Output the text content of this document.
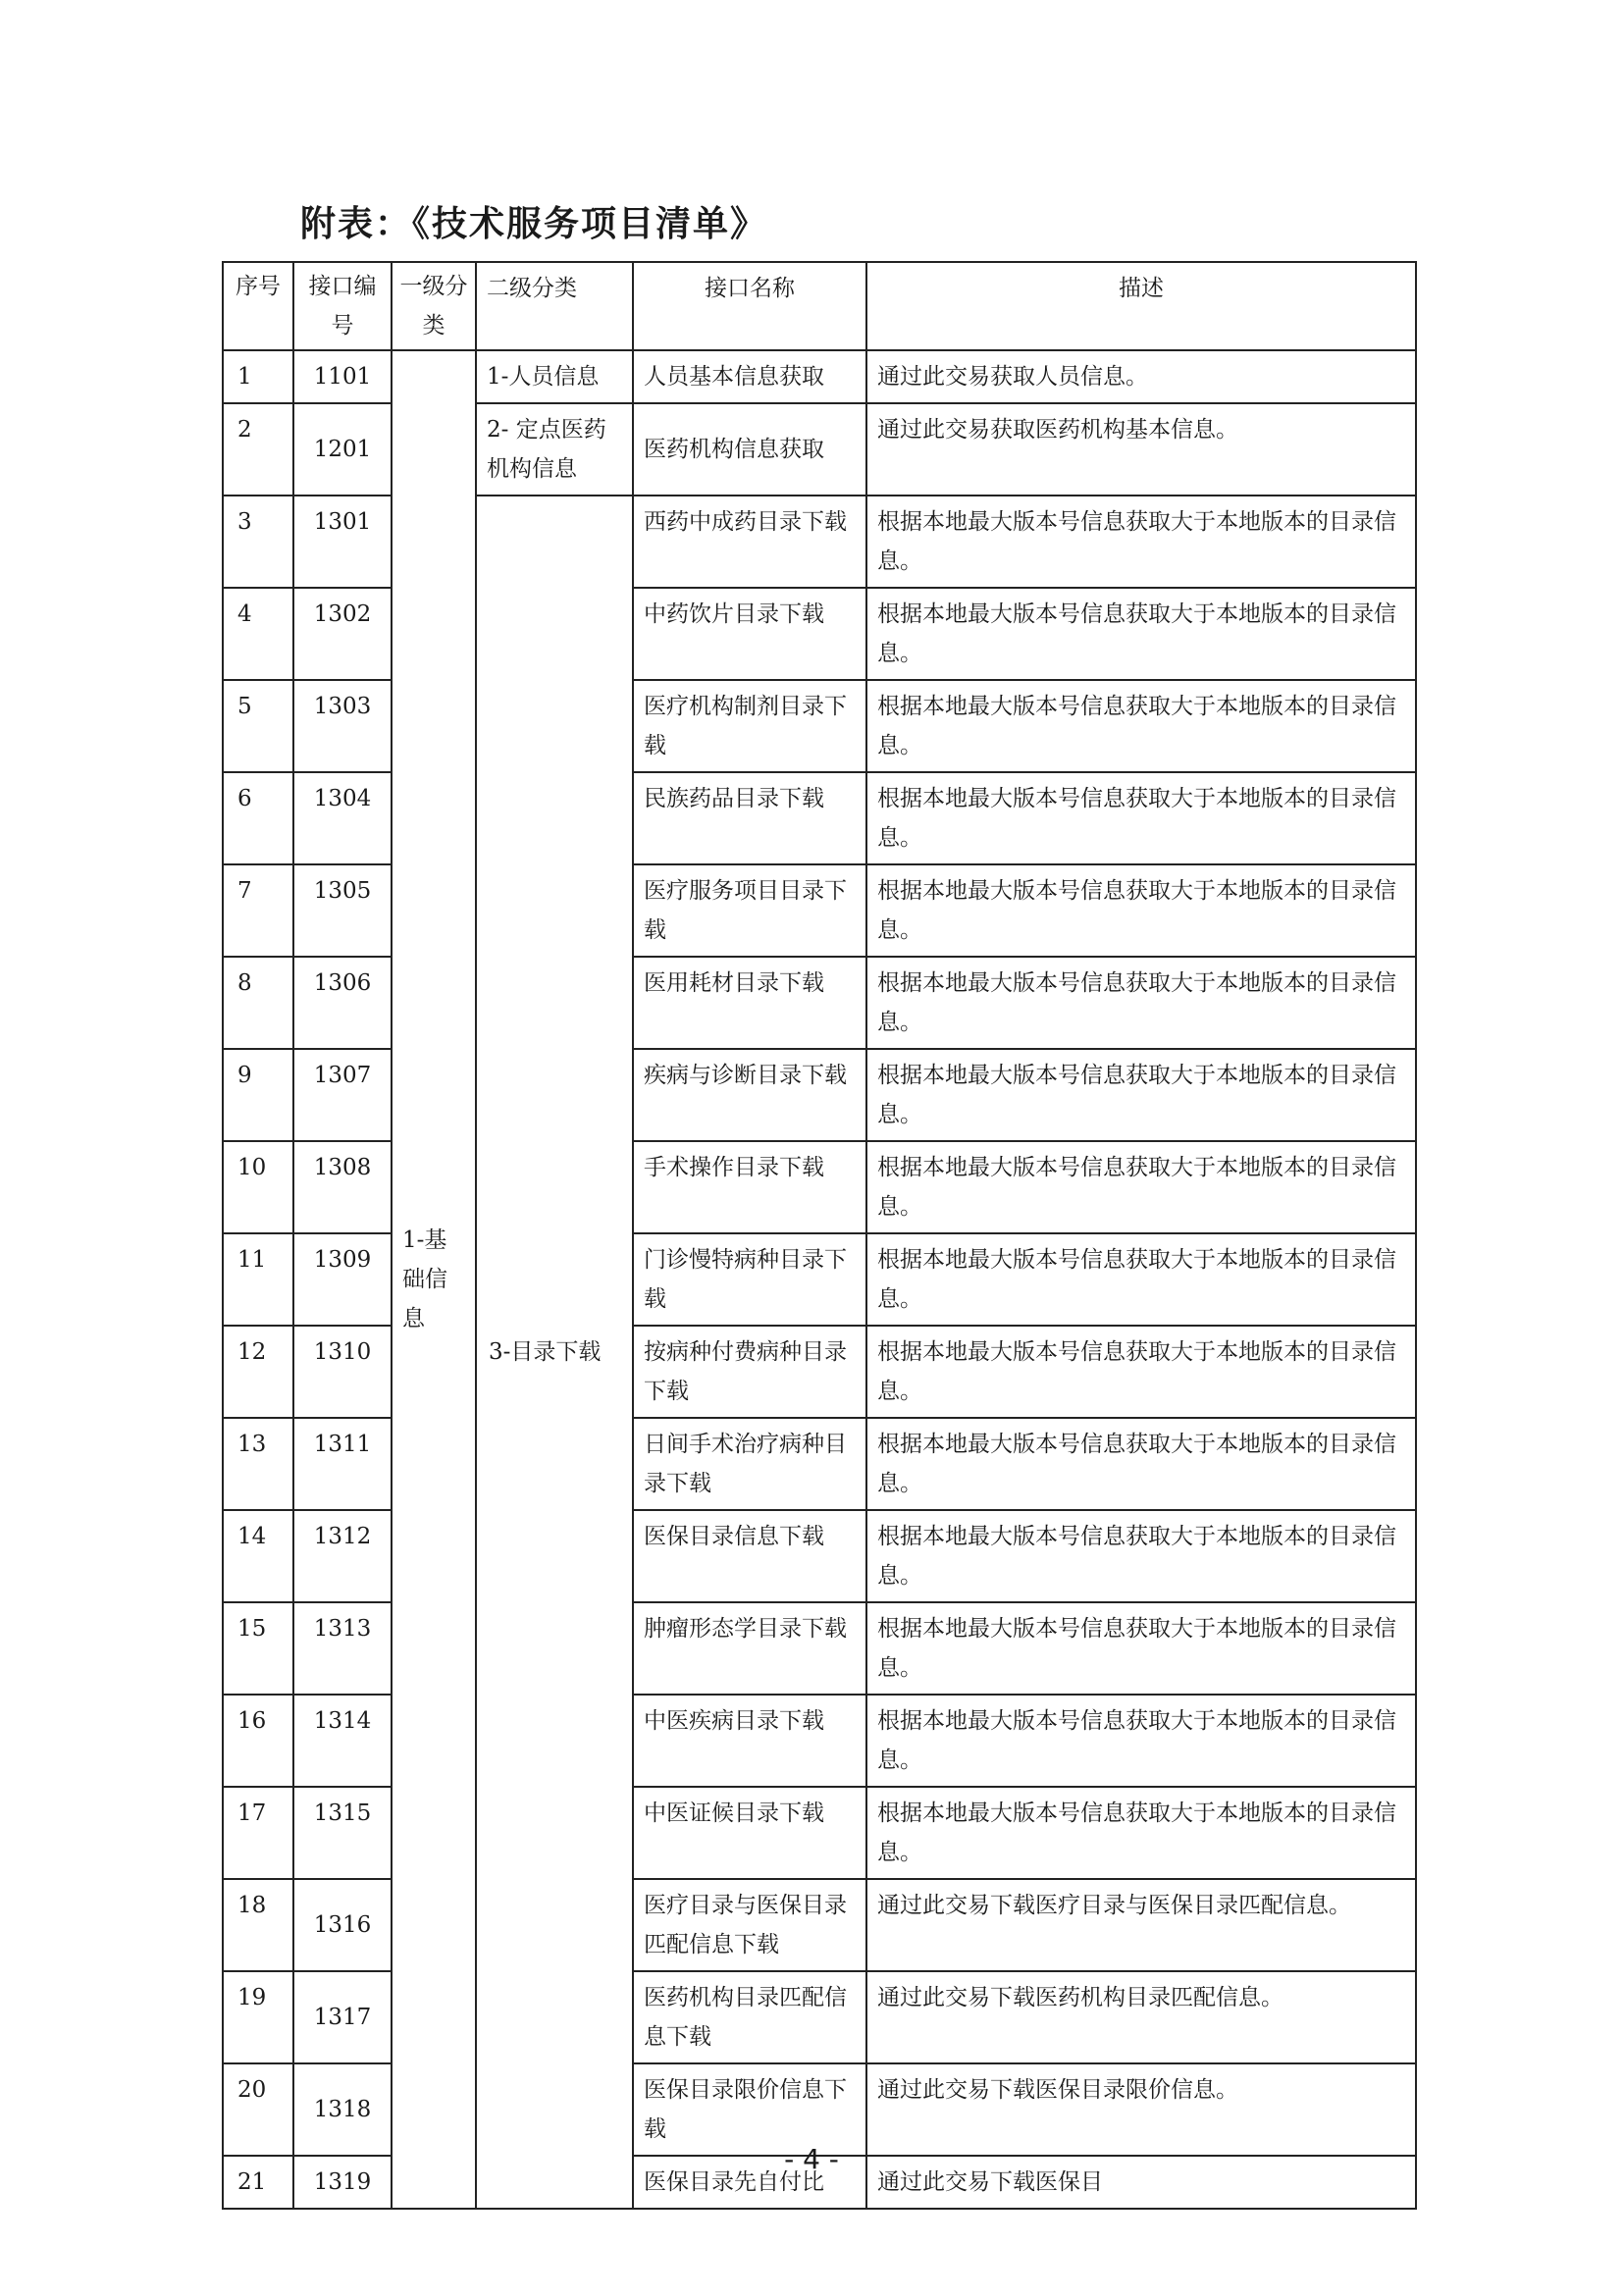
附表：《技术服务项目清单》
序号	接口编号	一级分类	二级分类	接口名称	描述
1	1101	1-基础信息	1-人员信息	人员基本信息获取	通过此交易获取人员信息。
2	1201		2- 定点医药机构信息	医药机构信息获取	通过此交易获取医药机构基本信息。
3	1301		3-目录下载	西药中成药目录下载	根据本地最大版本号信息获取大于本地版本的目录信息。
4	1302			中药饮片目录下载	根据本地最大版本号信息获取大于本地版本的目录信息。
5	1303			医疗机构制剂目录下载	根据本地最大版本号信息获取大于本地版本的目录信息。
6	1304			民族药品目录下载	根据本地最大版本号信息获取大于本地版本的目录信息。
7	1305			医疗服务项目目录下载	根据本地最大版本号信息获取大于本地版本的目录信息。
8	1306			医用耗材目录下载	根据本地最大版本号信息获取大于本地版本的目录信息。
9	1307			疾病与诊断目录下载	根据本地最大版本号信息获取大于本地版本的目录信息。
10	1308			手术操作目录下载	根据本地最大版本号信息获取大于本地版本的目录信息。
11	1309			门诊慢特病种目录下载	根据本地最大版本号信息获取大于本地版本的目录信息。
12	1310			按病种付费病种目录下载	根据本地最大版本号信息获取大于本地版本的目录信息。
13	1311			日间手术治疗病种目录下载	根据本地最大版本号信息获取大于本地版本的目录信息。
14	1312			医保目录信息下载	根据本地最大版本号信息获取大于本地版本的目录信息。
15	1313			肿瘤形态学目录下载	根据本地最大版本号信息获取大于本地版本的目录信息。
16	1314			中医疾病目录下载	根据本地最大版本号信息获取大于本地版本的目录信息。
17	1315			中医证候目录下载	根据本地最大版本号信息获取大于本地版本的目录信息。
18	1316			医疗目录与医保目录匹配信息下载	通过此交易下载医疗目录与医保目录匹配信息。
19	1317			医药机构目录匹配信息下载	通过此交易下载医药机构目录匹配信息。
20	1318			医保目录限价信息下载	通过此交易下载医保目录限价信息。
21	1319			医保目录先自付比	通过此交易下载医保目
- 4 -
